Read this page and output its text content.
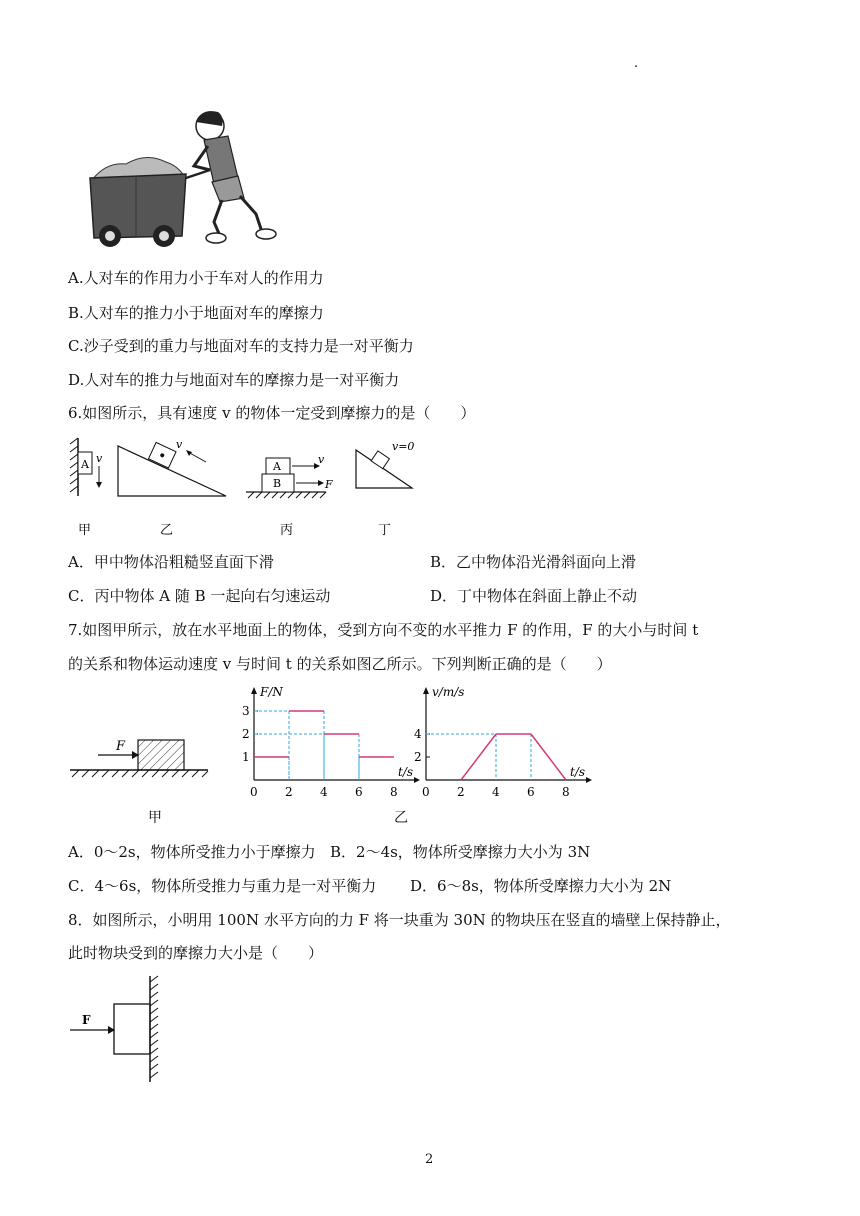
.
A.人对车的作用力小于车对人的作用力
B.人对车的推力小于地面对车的摩擦力
C.沙子受到的重力与地面对车的支持力是一对平衡力
D.人对车的推力与地面对车的摩擦力是一对平衡力
6.如图所示，具有速度 v 的物体一定受到摩擦力的是（　　）
A v
v
A
B
v
F
v=0
甲	乙	丙	丁
A．甲中物体沿粗糙竖直面下滑	B．乙中物体沿光滑斜面向上滑
C．丙中物体 A 随 B 一起向右匀速运动	D．丁中物体在斜面上静止不动
7.如图甲所示，放在水平地面上的物体，受到方向不变的水平推力 F 的作用，F 的大小与时间 t
的关系和物体运动速度 v 与时间 t 的关系如图乙所示。下列判断正确的是（　　）
F
甲
F/N
t/s
0 2 4 6 8
1
2
3
v/m/s
t/s
0 2 4 6 8
2
4
乙
A．0～2s，物体所受推力小于摩擦力 B．2～4s，物体所受摩擦力大小为 3N
C．4～6s，物体所受推力与重力是一对平衡力 D．6～8s，物体所受摩擦力大小为 2N
8．如图所示，小明用 100N 水平方向的力 F 将一块重为 30N 的物块压在竖直的墙壁上保持静止，
此时物块受到的摩擦力大小是（　　）
F
2
